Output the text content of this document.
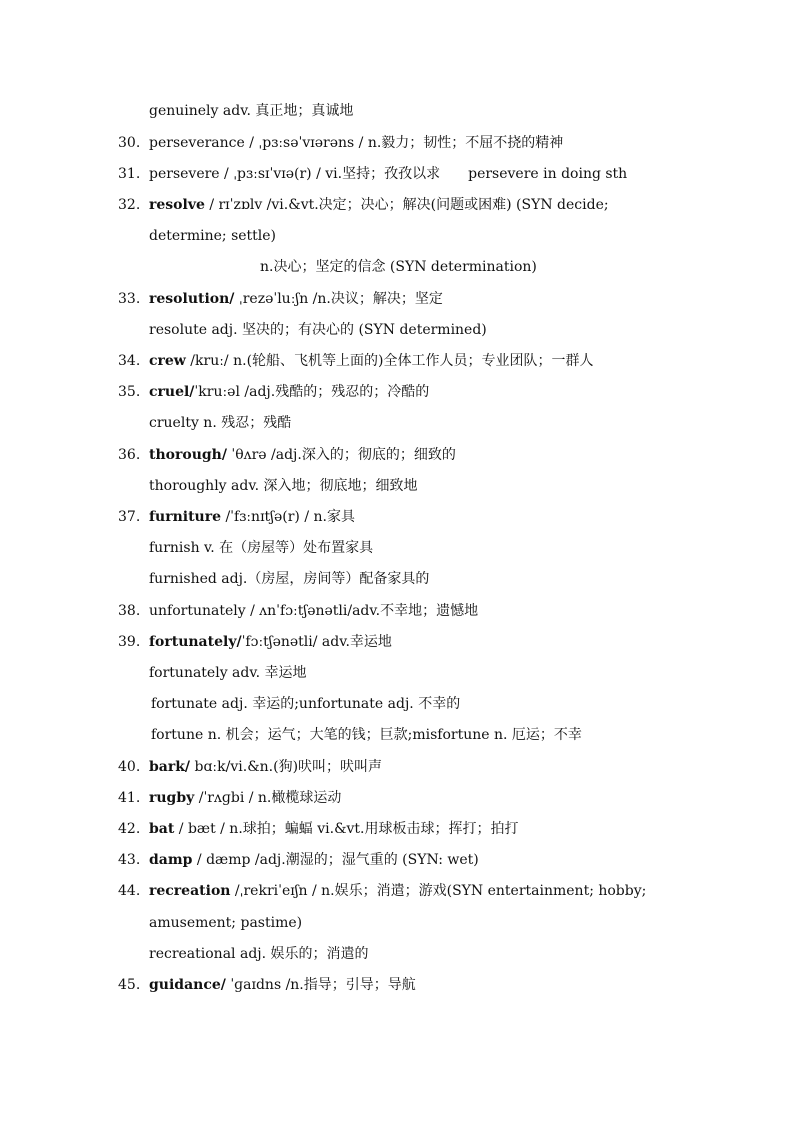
genuinely adv. 真正地；真诚地
30. perseverance / ˌpɜːsəˈvɪərəns / n.毅力；韧性；不屈不挠的精神
31. persevere / ˌpɜːsɪˈvɪə(r) / vi.坚持；孜孜以求　　persevere in doing sth
32. resolve / rɪˈzɒlv /vi.&vt.决定；决心；解决(问题或困难) (SYN decide;
determine; settle)
n.决心；坚定的信念 (SYN determination)
33. resolution/ ˌrezəˈluːʃn /n.决议；解决；坚定
resolute adj. 坚决的；有决心的 (SYN determined)
34. crew /kruː/ n.(轮船、飞机等上面的)全体工作人员；专业团队；一群人
35. cruel/ˈkruːəl /adj.残酷的；残忍的；冷酷的
cruelty n. 残忍；残酷
36. thorough/ ˈθʌrə /adj.深入的；彻底的；细致的
thoroughly adv. 深入地；彻底地；细致地
37. furniture /ˈfɜːnɪtʃə(r) / n.家具
furnish v. 在（房屋等）处布置家具
furnished adj.（房屋，房间等）配备家具的
38. unfortunately / ʌnˈfɔːtʃənətli/adv.不幸地；遗憾地
39. fortunately/ˈfɔːtʃənətli/ adv.幸运地
fortunately adv. 幸运地
fortunate adj. 幸运的;unfortunate adj. 不幸的
fortune n. 机会；运气；大笔的钱；巨款;misfortune n. 厄运；不幸
40. bark/ bɑːk/vi.&n.(狗)吠叫；吠叫声
41. rugby /ˈrʌɡbi / n.橄榄球运动
42. bat / bæt / n.球拍；蝙蝠 vi.&vt.用球板击球；挥打；拍打
43. damp / dæmp /adj.潮湿的；湿气重的 (SYN: wet)
44. recreation /ˌrekriˈeɪʃn / n.娱乐；消遣；游戏(SYN entertainment; hobby;
amusement; pastime)
recreational adj. 娱乐的；消遣的
45. guidance/ ˈɡaɪdns /n.指导；引导；导航
